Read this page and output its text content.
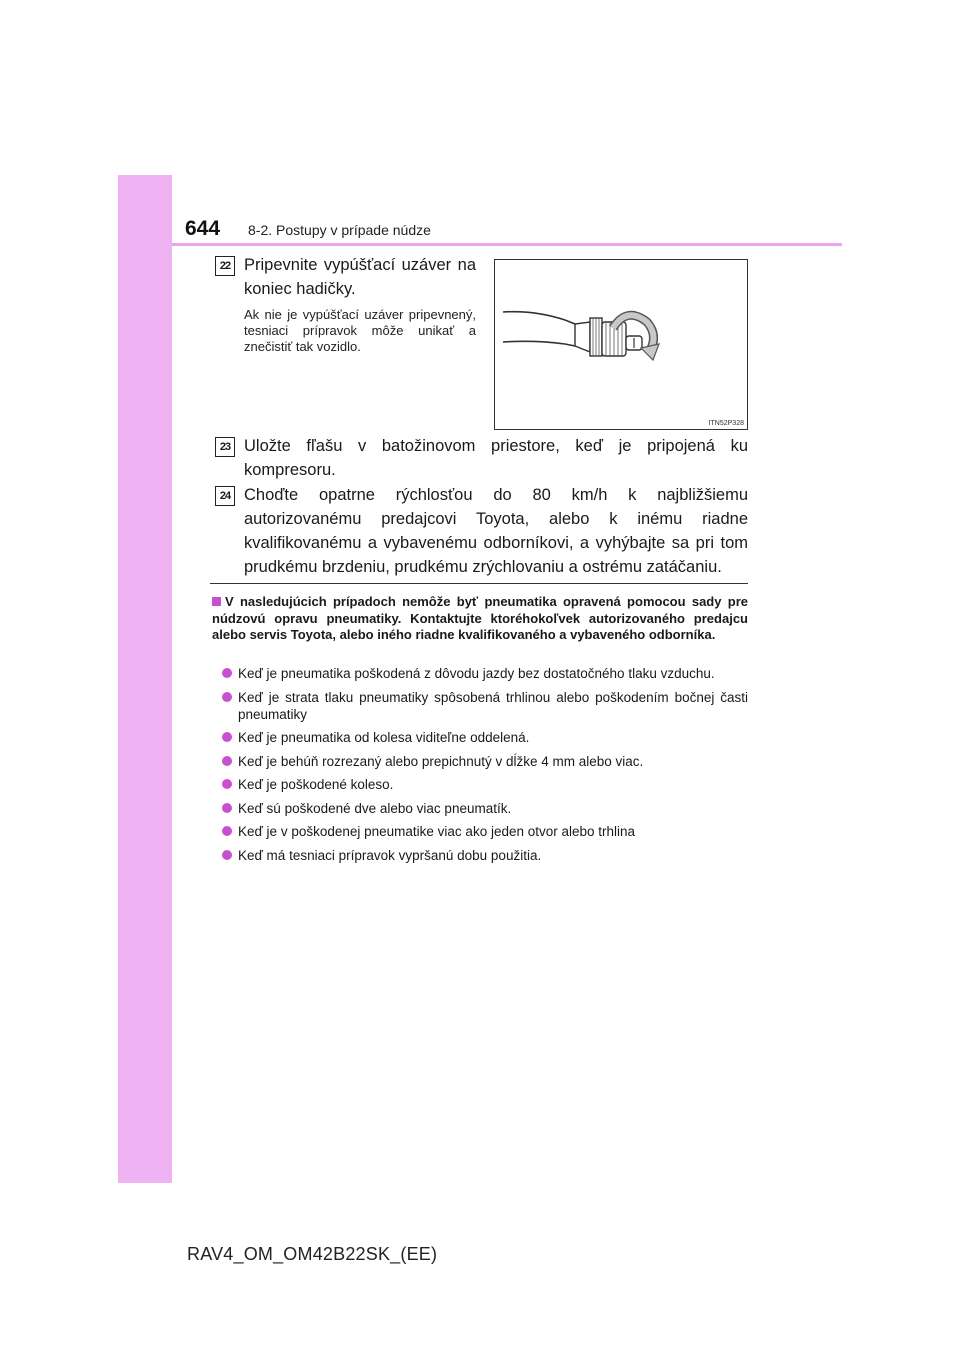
644 8-2. Postupy v prípade núdze
22 Pripevnite vypúšťací uzáver na koniec hadičky.
Ak nie je vypúšťací uzáver pripevnený, tesniaci prípravok môže unikať a znečistiť tak vozidlo.
ITN52P328
23 Uložte fľašu v batožinovom priestore, keď je pripojená ku kompresoru.
24 Choďte opatrne rýchlosťou do 80 km/h k najbližšiemu autorizovanému predajcovi Toyota, alebo k inému riadne kvalifikovanému a vybavenému odborníkovi, a vyhýbajte sa pri tom prudkému brzdeniu, prudkému zrýchlovaniu a ostrému zatáčaniu.
V nasledujúcich prípadoch nemôže byť pneumatika opravená pomocou sady pre núdzovú opravu pneumatiky. Kontaktujte ktoréhokoľvek autorizovaného predajcu alebo servis Toyota, alebo iného riadne kvalifikovaného a vybaveného odborníka.
Keď je pneumatika poškodená z dôvodu jazdy bez dostatočného tlaku vzduchu.
Keď je strata tlaku pneumatiky spôsobená trhlinou alebo poškodením bočnej časti pneumatiky
Keď je pneumatika od kolesa viditeľne oddelená.
Keď je behúň rozrezaný alebo prepichnutý v dĺžke 4 mm alebo viac.
Keď je poškodené koleso.
Keď sú poškodené dve alebo viac pneumatík.
Keď je v poškodenej pneumatike viac ako jeden otvor alebo trhlina
Keď má tesniaci prípravok vypršanú dobu použitia.
RAV4_OM_OM42B22SK_(EE)
